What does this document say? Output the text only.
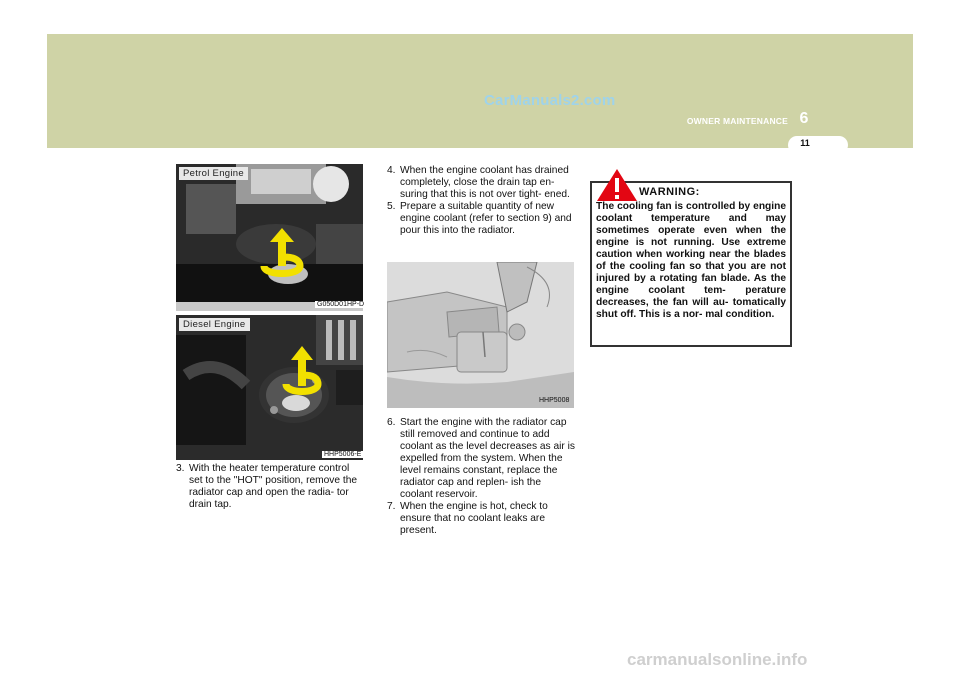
CarManuals2.com
6
OWNER MAINTENANCE
11
Petrol Engine
G050D01HP-D
Diesel Engine
HHP5006-E

3. With the heater temperature control set to the "HOT" position, remove the radiator cap and open the radia- tor drain tap.

4. When the engine coolant has drained completely, close the drain tap en- suring that this is not over tight- ened.

5. Prepare a suitable quantity of new engine coolant (refer to section 9) and pour this into the radiator.

HHP5008

6. Start the engine with the radiator cap still removed and continue to add coolant as the level decreases as air is expelled from the system. When the level remains constant, replace the radiator cap and replen- ish the coolant reservoir.

7. When the engine is hot, check to ensure that no coolant leaks are present.

WARNING:
The cooling fan is controlled by engine coolant temperature and may sometimes operate even when the engine is not running. Use extreme caution when working near the blades of the cooling fan so that you are not injured by a rotating fan blade. As the engine coolant tem- perature decreases, the fan will au- tomatically shut off. This is a nor- mal condition.
carmanualsonline.info
